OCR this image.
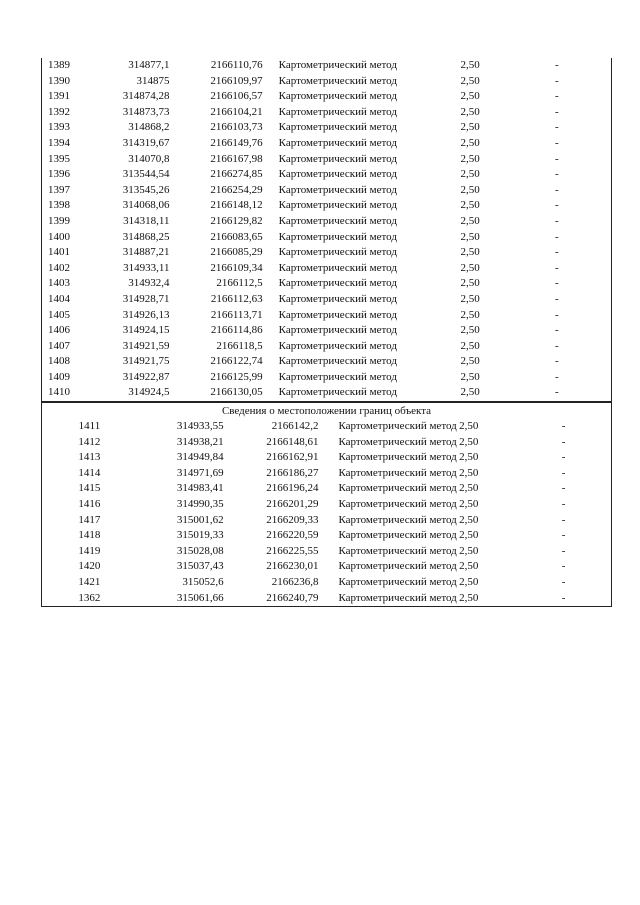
1389	314877,1	2166110,76	Картометрический метод	2,50	-
1390	314875	2166109,97	Картометрический метод	2,50	-
1391	314874,28	2166106,57	Картометрический метод	2,50	-
1392	314873,73	2166104,21	Картометрический метод	2,50	-
1393	314868,2	2166103,73	Картометрический метод	2,50	-
1394	314319,67	2166149,76	Картометрический метод	2,50	-
1395	314070,8	2166167,98	Картометрический метод	2,50	-
1396	313544,54	2166274,85	Картометрический метод	2,50	-
1397	313545,26	2166254,29	Картометрический метод	2,50	-
1398	314068,06	2166148,12	Картометрический метод	2,50	-
1399	314318,11	2166129,82	Картометрический метод	2,50	-
1400	314868,25	2166083,65	Картометрический метод	2,50	-
1401	314887,21	2166085,29	Картометрический метод	2,50	-
1402	314933,11	2166109,34	Картометрический метод	2,50	-
1403	314932,4	2166112,5	Картометрический метод	2,50	-
1404	314928,71	2166112,63	Картометрический метод	2,50	-
1405	314926,13	2166113,71	Картометрический метод	2,50	-
1406	314924,15	2166114,86	Картометрический метод	2,50	-
1407	314921,59	2166118,5	Картометрический метод	2,50	-
1408	314921,75	2166122,74	Картометрический метод	2,50	-
1409	314922,87	2166125,99	Картометрический метод	2,50	-
1410	314924,5	2166130,05	Картометрический метод	2,50	-
Сведения о местоположении границ объекта					
1411	314933,55	2166142,2	Картометрический метод	2,50	-
1412	314938,21	2166148,61	Картометрический метод	2,50	-
1413	314949,84	2166162,91	Картометрический метод	2,50	-
1414	314971,69	2166186,27	Картометрический метод	2,50	-
1415	314983,41	2166196,24	Картометрический метод	2,50	-
1416	314990,35	2166201,29	Картометрический метод	2,50	-
1417	315001,62	2166209,33	Картометрический метод	2,50	-
1418	315019,33	2166220,59	Картометрический метод	2,50	-
1419	315028,08	2166225,55	Картометрический метод	2,50	-
1420	315037,43	2166230,01	Картометрический метод	2,50	-
1421	315052,6	2166236,8	Картометрический метод	2,50	-
1362	315061,66	2166240,79	Картометрический метод	2,50	-
